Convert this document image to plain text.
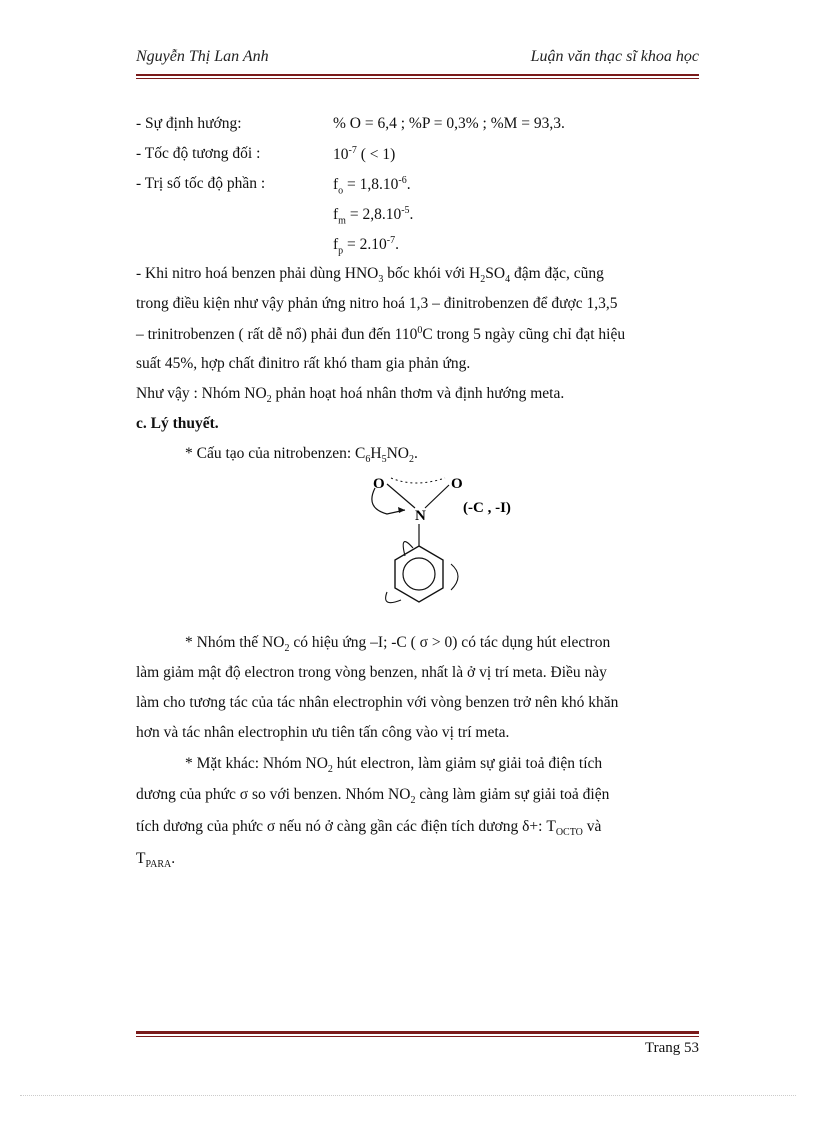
Nguyễn Thị Lan Anh	Luận văn thạc sĩ khoa học
- Sự định hướng:	% O = 6,4 ; %P = 0,3% ; %M = 93,3.
- Tốc độ tương đối :	$10^{-7}$ ( < 1)
- Trị số tốc độ phần :	$f_o = 1,8.10^{-6}$.
$f_m = 2,8.10^{-5}$.
$f_p = 2.10^{-7}$.
- Khi nitro hoá benzen phải dùng $HNO_3$ bốc khói với $H_2SO_4$ đậm đặc, cũng
trong điều kiện như vậy phản ứng nitro hoá 1,3 – đinitrobenzen để được 1,3,5
– trinitrobenzen ( rất dễ nổ) phải đun đến $110^0C$ trong 5 ngày cũng chỉ đạt hiệu
suất 45%, hợp chất đinitro rất khó tham gia phản ứng.
Như vậy : Nhóm $NO_2$ phản hoạt hoá nhân thơm và định hướng meta.
c. Lý thuyết.
* Cấu tạo của nitrobenzen: $C_6H_5NO_2$.
O	O
N (-C , -I)
* Nhóm thế $NO_2$ có hiệu ứng –I; -C ( σ > 0) có tác dụng hút electron
làm giảm mật độ electron trong vòng benzen, nhất là ở vị trí meta. Điều này
làm cho tương tác của tác nhân electrophin với vòng benzen trở nên khó khăn
hơn và tác nhân electrophin ưu tiên tấn công vào vị trí meta.
* Mặt khác: Nhóm $NO_2$ hút electron, làm giảm sự giải toả điện tích
dương của phức σ so với benzen. Nhóm $NO_2$ càng làm giảm sự giải toả điện
tích dương của phức σ nếu nó ở càng gần các điện tích dương δ+: $T_{OCTO}$ và
$T_{PARA}$.
Trang 53
